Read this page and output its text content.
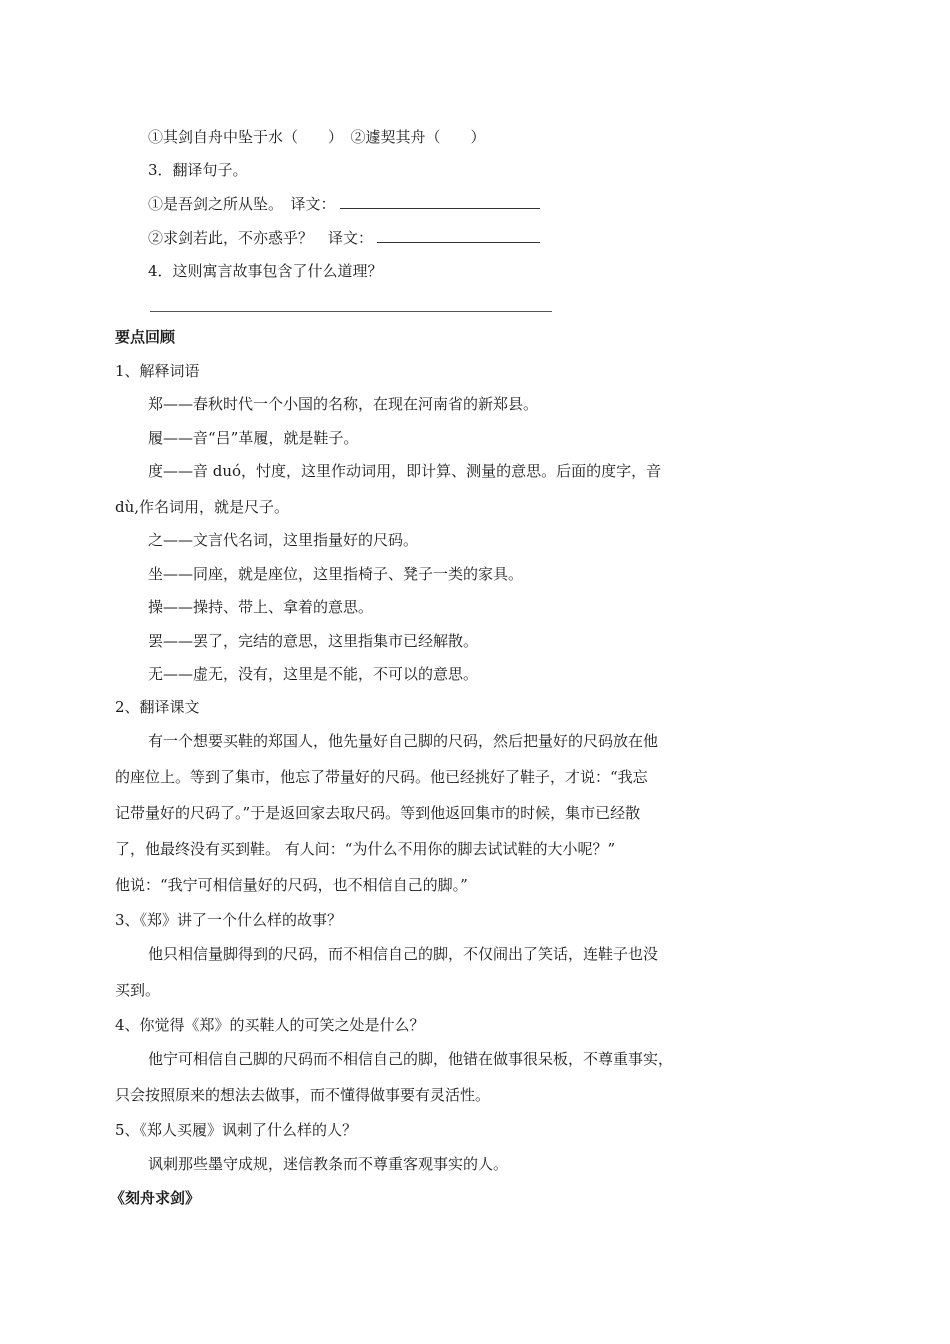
①其剑自舟中坠于水（　　）　②遽契其舟（　　）
3．翻译句子。
①是吾剑之所从坠。　译文：
②求剑若此，不亦惑乎？　译文：
4．这则寓言故事包含了什么道理？
要点回顾
1、解释词语
郑——春秋时代一个小国的名称，在现在河南省的新郑县。
履——音“吕”革履，就是鞋子。
度——音 duó，忖度，这里作动词用，即计算、测量的意思。后面的度字，音
dù,作名词用，就是尺子。
之——文言代名词，这里指量好的尺码。
坐——同座，就是座位，这里指椅子、凳子一类的家具。
操——操持、带上、拿着的意思。
罢——罢了，完结的意思，这里指集市已经解散。
无——虚无，没有，这里是不能，不可以的意思。
2、翻译课文
有一个想要买鞋的郑国人，他先量好自己脚的尺码，然后把量好的尺码放在他
的座位上。等到了集市，他忘了带量好的尺码。他已经挑好了鞋子，才说：“我忘
记带量好的尺码了。”于是返回家去取尺码。等到他返回集市的时候，集市已经散
了，他最终没有买到鞋。 有人问：“为什么不用你的脚去试试鞋的大小呢？”
他说：“我宁可相信量好的尺码，也不相信自己的脚。”
3、《郑》讲了一个什么样的故事？
他只相信量脚得到的尺码，而不相信自己的脚，不仅闹出了笑话，连鞋子也没
买到。
4、你觉得《郑》的买鞋人的可笑之处是什么？
他宁可相信自己脚的尺码而不相信自己的脚，他错在做事很呆板，不尊重事实，
只会按照原来的想法去做事，而不懂得做事要有灵活性。
5、《郑人买履》讽刺了什么样的人？
讽刺那些墨守成规，迷信教条而不尊重客观事实的人。
《刻舟求剑》
